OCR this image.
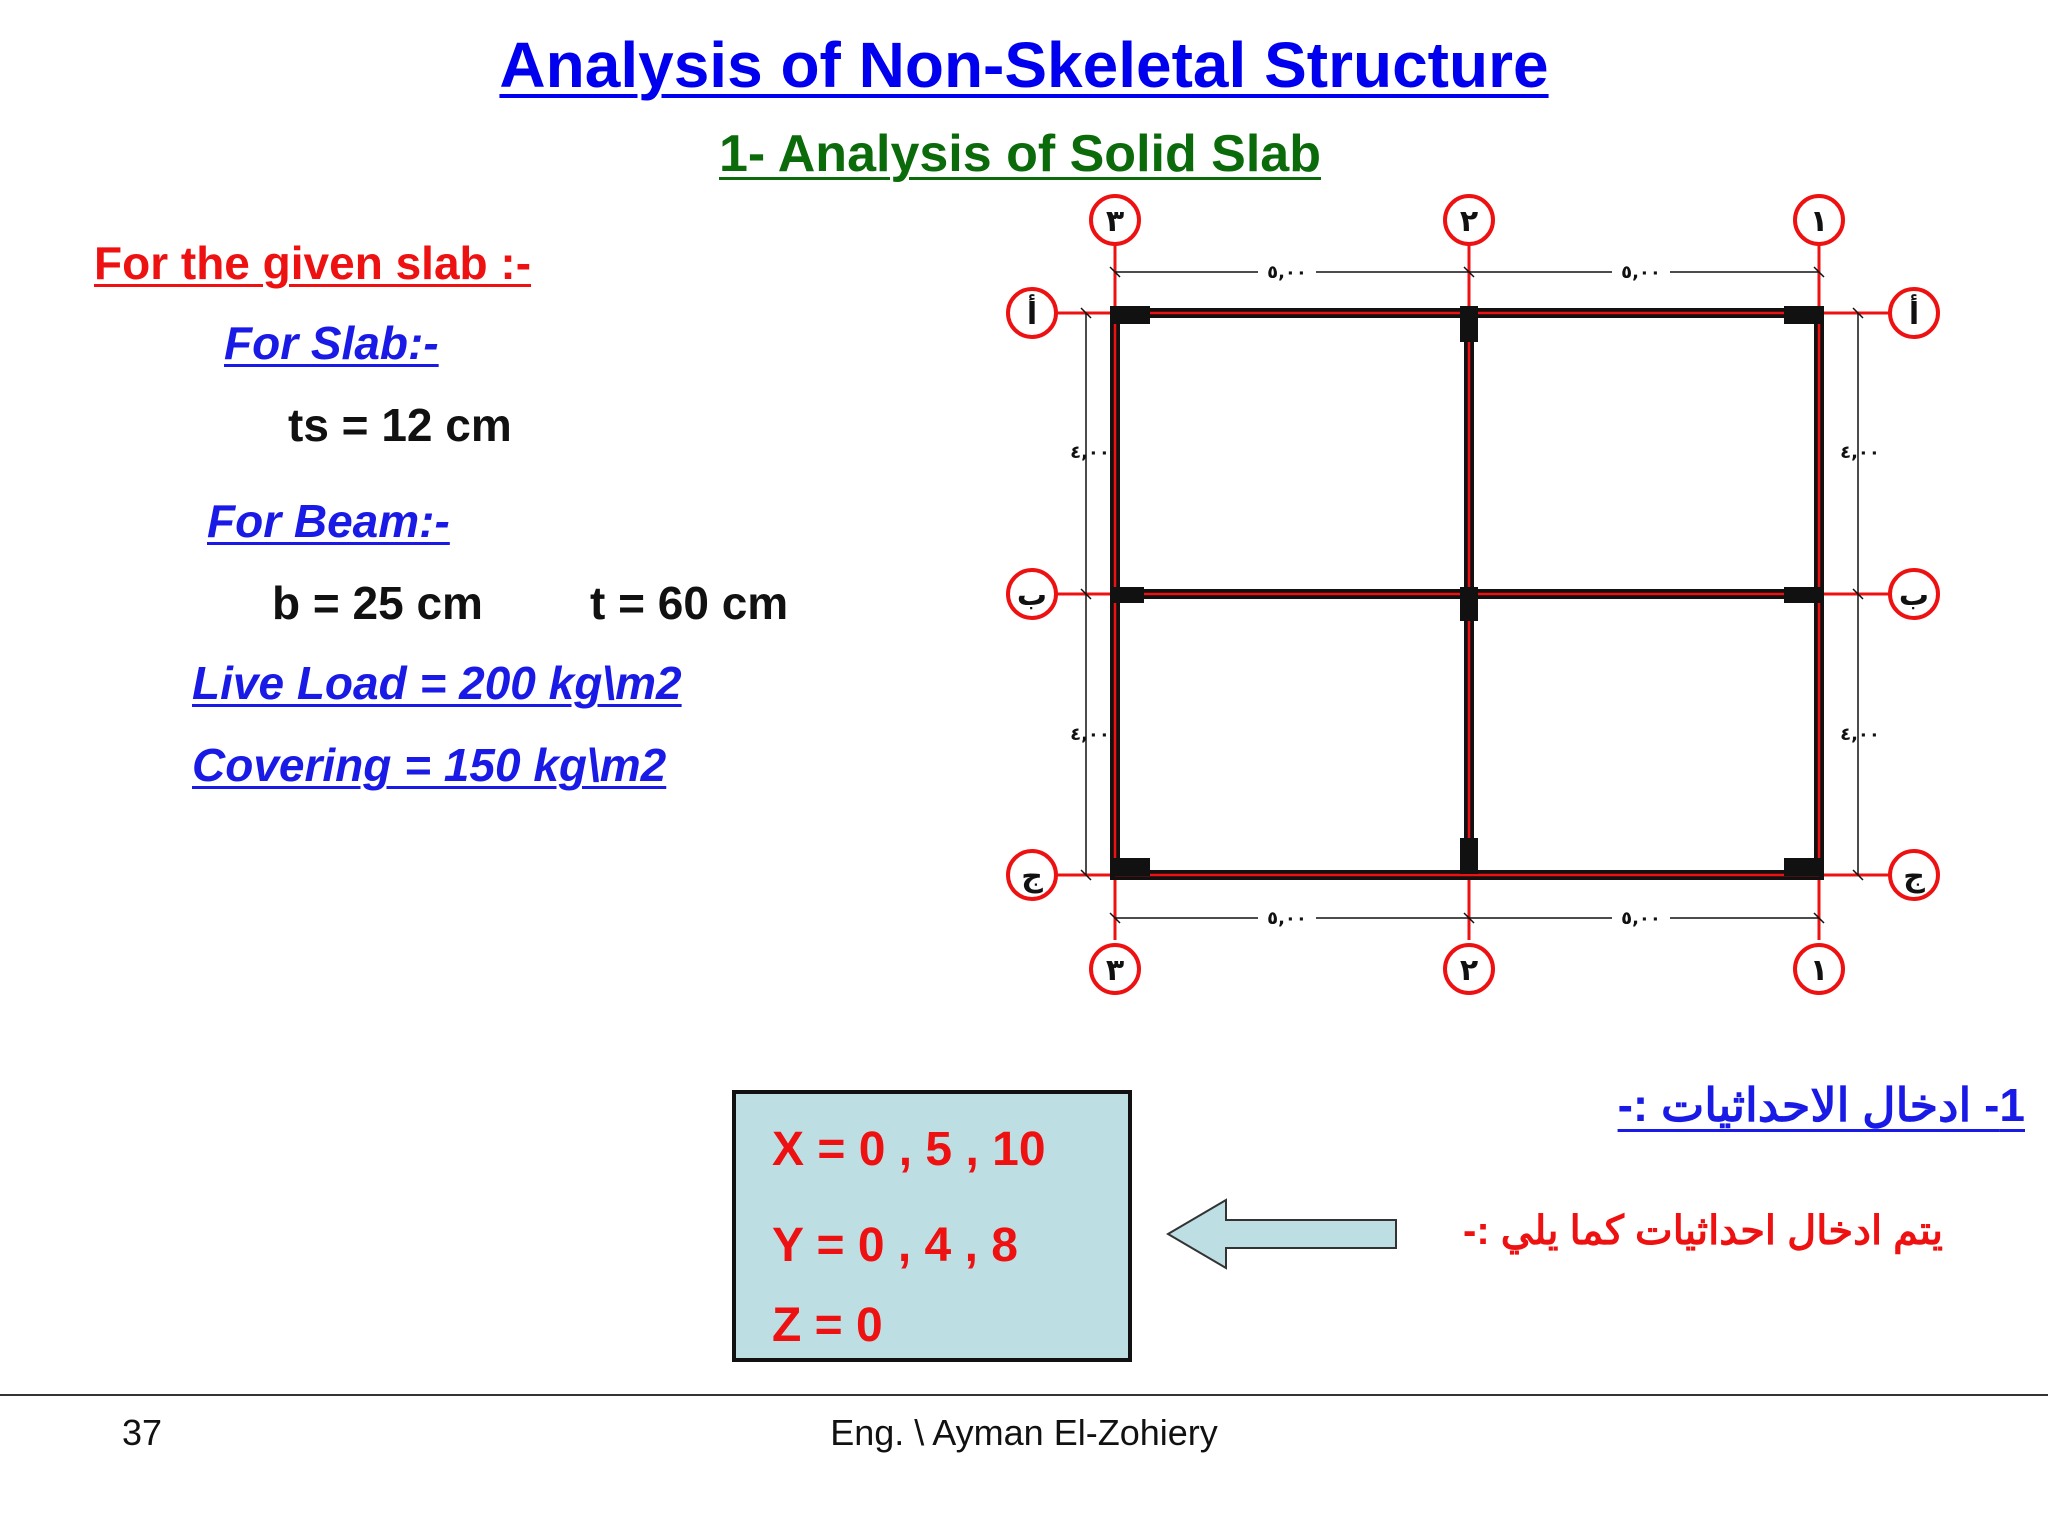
Analysis of Non-Skeletal Structure
1- Analysis of Solid Slab
For the given slab :-
For Slab:-
ts = 12 cm
For Beam:-
b = 25 cm t = 60 cm
Live Load = 200 kg\m2
Covering = 150 kg\m2
٣	٢	١
٣	٢	١
أ
ب
ج
أ
ب
ج
٥,٠٠	٥,٠٠
٥,٠٠	٥,٠٠
٤,٠٠
٤,٠٠
٤,٠٠
٤,٠٠
X = 0 , 5 , 10
Y = 0 , 4 , 8
Z = 0
1- ادخال الاحداثيات :-
يتم ادخال احداثيات كما يلي :-
37	Eng. \ Ayman El-Zohiery
